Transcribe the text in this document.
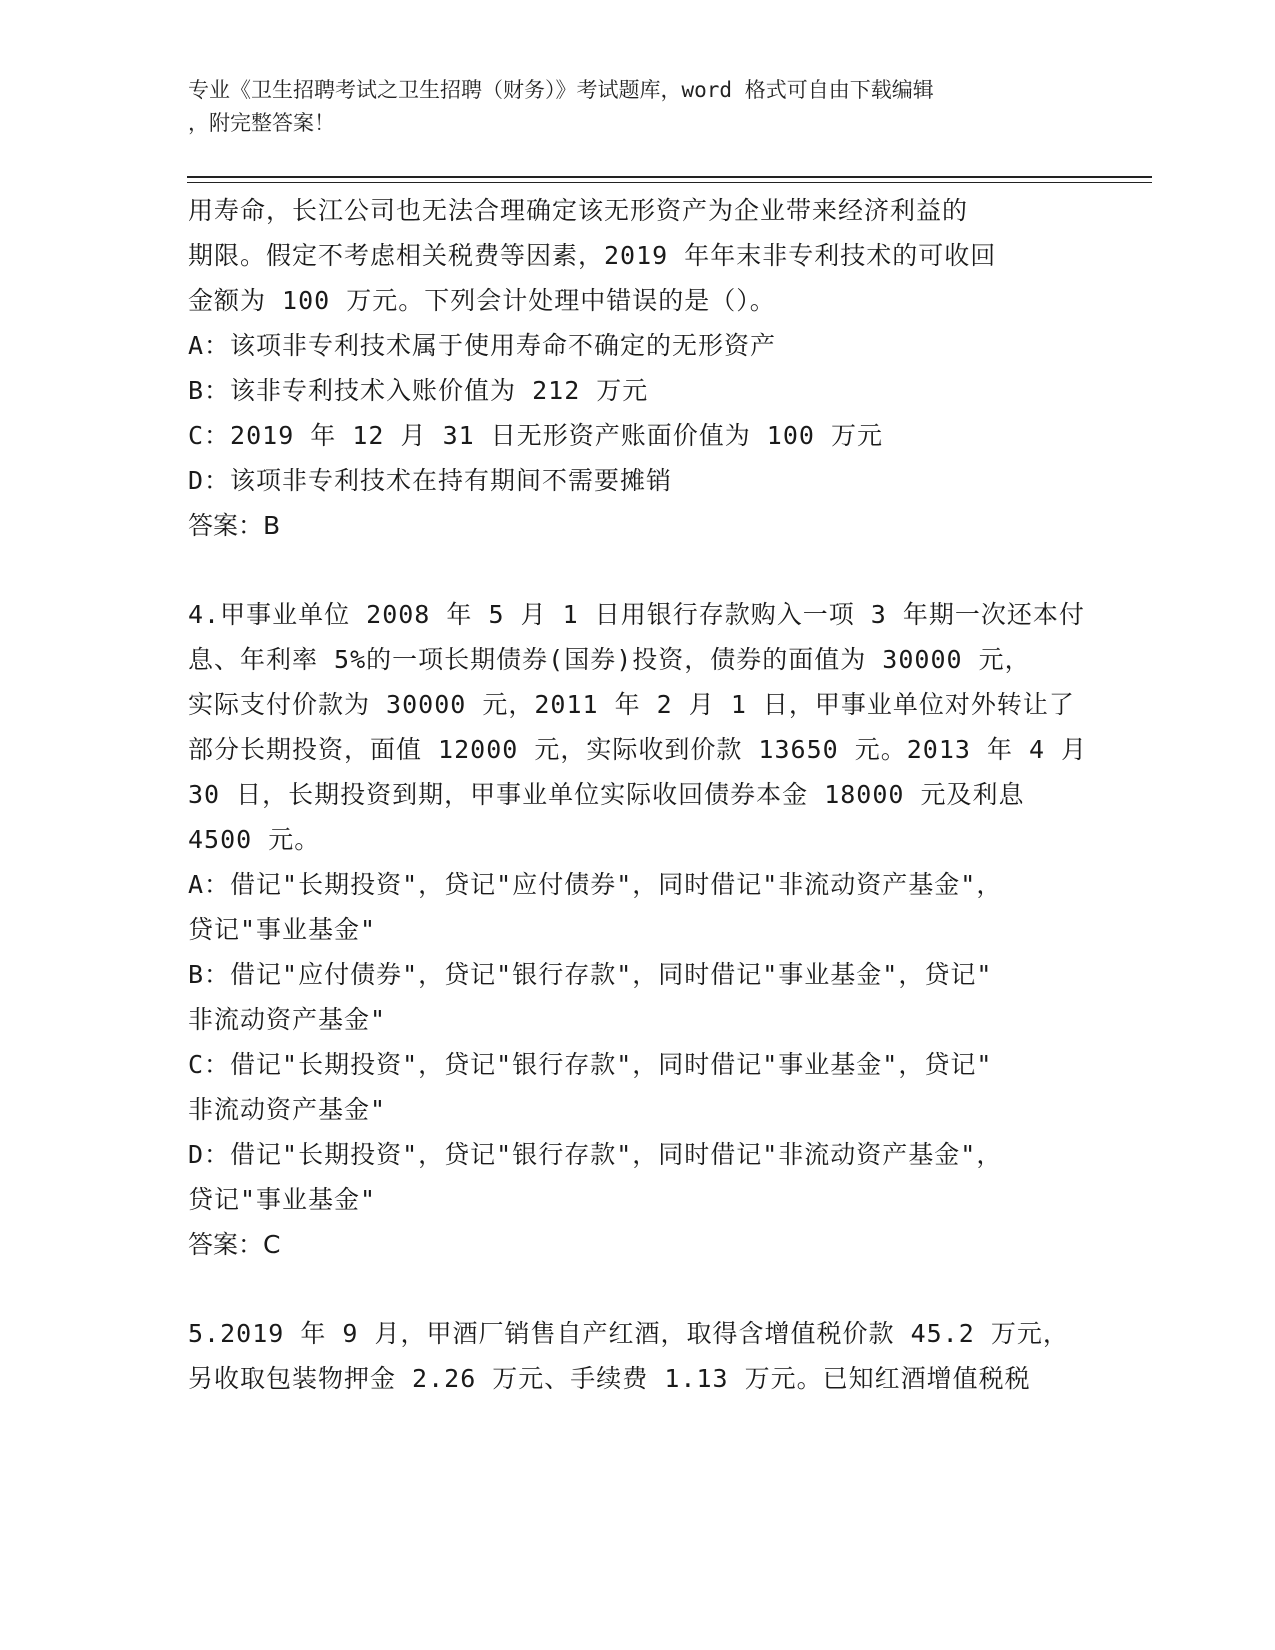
专业《卫生招聘考试之卫生招聘（财务）》考试题库，word 格式可自由下载编辑
，附完整答案！
用寿命，长江公司也无法合理确定该无形资产为企业带来经济利益的
期限。假定不考虑相关税费等因素，2019 年年末非专利技术的可收回
金额为 100 万元。下列会计处理中错误的是（）。
A：该项非专利技术属于使用寿命不确定的无形资产
B：该非专利技术入账价值为 212 万元
C：2019 年 12 月 31 日无形资产账面价值为 100 万元
D：该项非专利技术在持有期间不需要摊销
答案：B
4.甲事业单位 2008 年 5 月 1 日用银行存款购入一项 3 年期一次还本付
息、年利率 5%的一项长期债券(国券)投资，债券的面值为 30000 元，
实际支付价款为 30000 元，2011 年 2 月 1 日，甲事业单位对外转让了
部分长期投资，面值 12000 元，实际收到价款 13650 元。2013 年 4 月
30 日，长期投资到期，甲事业单位实际收回债券本金 18000 元及利息
4500 元。
A：借记"长期投资"，贷记"应付债券"，同时借记"非流动资产基金"，
贷记"事业基金"
B：借记"应付债券"，贷记"银行存款"，同时借记"事业基金"，贷记"
非流动资产基金"
C：借记"长期投资"，贷记"银行存款"，同时借记"事业基金"，贷记"
非流动资产基金"
D：借记"长期投资"，贷记"银行存款"，同时借记"非流动资产基金"，
贷记"事业基金"
答案：C
5.2019 年 9 月，甲酒厂销售自产红酒，取得含增值税价款 45.2 万元，
另收取包装物押金 2.26 万元、手续费 1.13 万元。已知红酒增值税税
